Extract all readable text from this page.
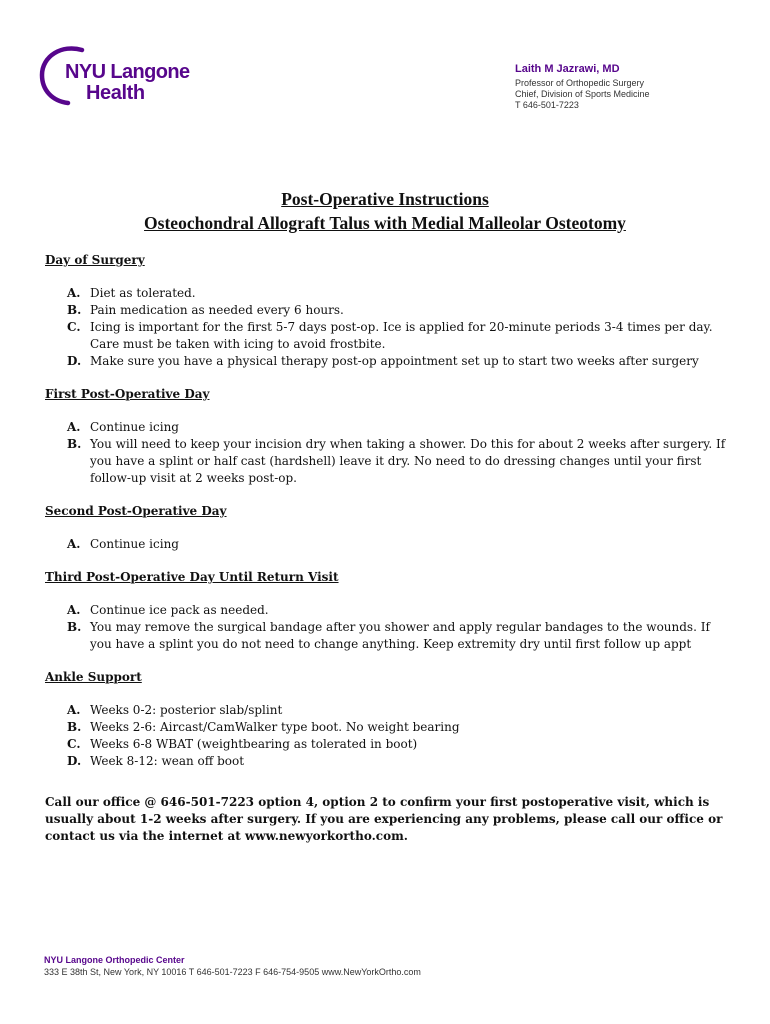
NYU Langone
Health
Laith M Jazrawi, MD
Professor of Orthopedic Surgery
Chief, Division of Sports Medicine
T 646-501-7223
Post-Operative Instructions
Osteochondral Allograft Talus with Medial Malleolar Osteotomy
Day of Surgery
A. Diet as tolerated.
B. Pain medication as needed every 6 hours.
C. Icing is important for the first 5-7 days post-op. Ice is applied for 20-minute periods 3-4 times per day. Care must be taken with icing to avoid frostbite.
D. Make sure you have a physical therapy post-op appointment set up to start two weeks after surgery
First Post-Operative Day
A. Continue icing
B. You will need to keep your incision dry when taking a shower. Do this for about 2 weeks after surgery. If you have a splint or half cast (hardshell) leave it dry. No need to do dressing changes until your first follow-up visit at 2 weeks post-op.
Second Post-Operative Day
A. Continue icing
Third Post-Operative Day Until Return Visit
A. Continue ice pack as needed.
B. You may remove the surgical bandage after you shower and apply regular bandages to the wounds. If you have a splint you do not need to change anything. Keep extremity dry until first follow up appt
Ankle Support
A. Weeks 0-2: posterior slab/splint
B. Weeks 2-6: Aircast/CamWalker type boot. No weight bearing
C. Weeks 6-8 WBAT (weightbearing as tolerated in boot)
D. Week 8-12: wean off boot
Call our office @ 646-501-7223 option 4, option 2 to confirm your first postoperative visit, which is usually about 1-2 weeks after surgery. If you are experiencing any problems, please call our office or contact us via the internet at www.newyorkortho.com.
NYU Langone Orthopedic Center
333 E 38th St, New York, NY 10016 T 646-501-7223 F 646-754-9505 www.NewYorkOrtho.com
